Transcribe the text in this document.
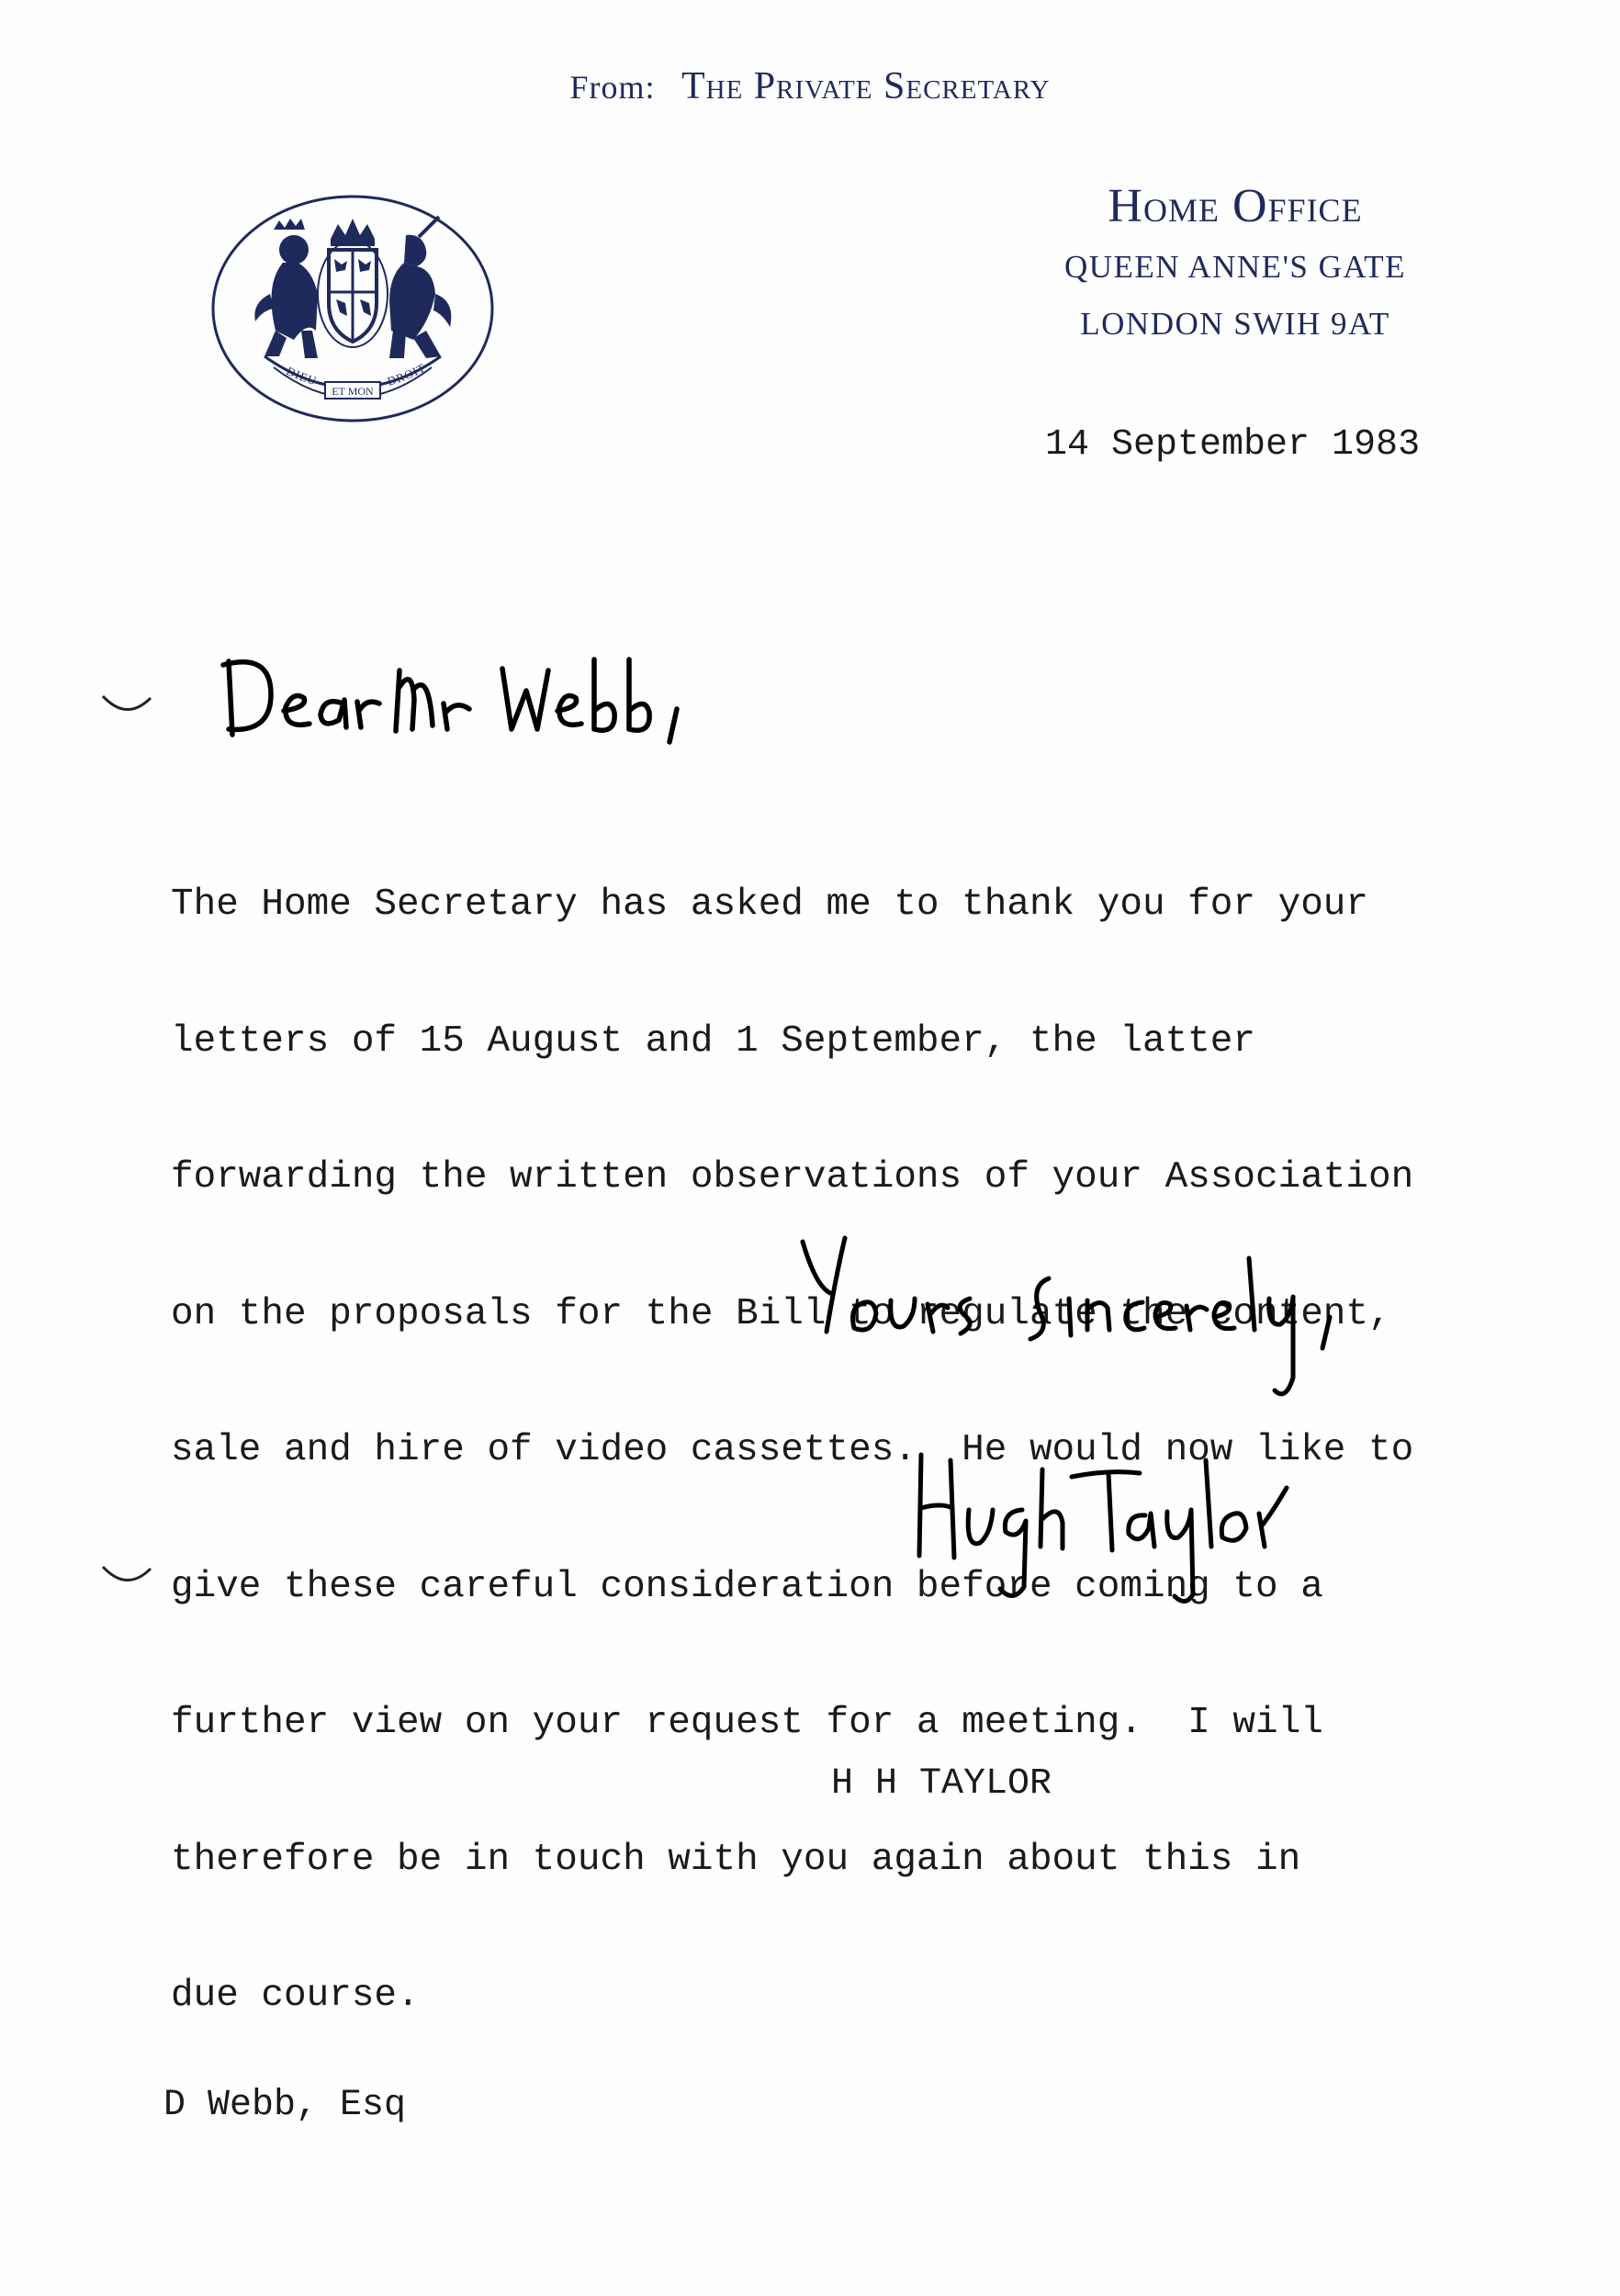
From: The Private Secretary
DIEU	DROIT
ET MON
Home Office
QUEEN ANNE'S GATE
LONDON SWIH 9AT
14 September 1983

The Home Secretary has asked me to thank you for your

letters of 15 August and 1 September, the latter

forwarding the written observations of your Association

on the proposals for the Bill to regulate the content,

sale and hire of video cassettes.  He would now like to

give these careful consideration before coming to a

further view on your request for a meeting.  I will

therefore be in touch with you again about this in

due course.

H H TAYLOR
D Webb, Esq
